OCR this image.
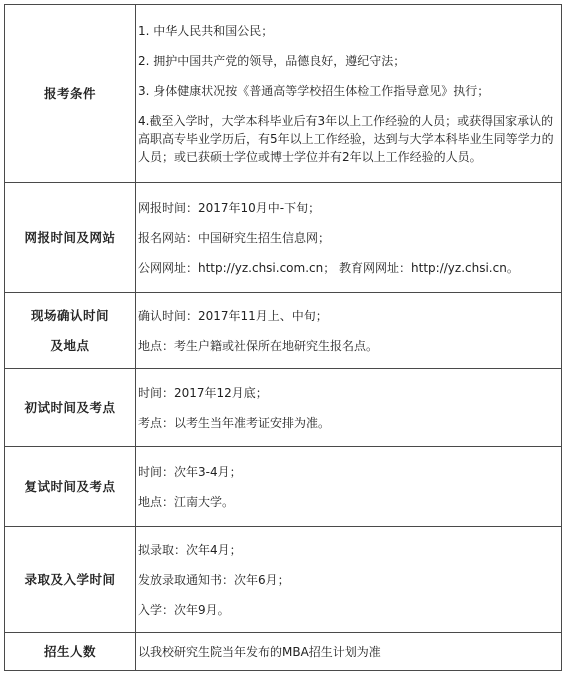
报考条件	1. 中华人民共和国公民；
2. 拥护中国共产党的领导，品德良好，遵纪守法；
3. 身体健康状况按《普通高等学校招生体检工作指导意见》执行；
4.截至入学时，大学本科毕业后有3年以上工作经验的人员；或获得国家承认的高职高专毕业学历后，有5年以上工作经验，达到与大学本科毕业生同等学力的人员；或已获硕士学位或博士学位并有2年以上工作经验的人员。

网报时间及网站	网报时间：2017年10月中-下旬；
报名网站：中国研究生招生信息网；
公网网址：http://yz.chsi.com.cn； 教育网网址：http://yz.chsi.cn。

现场确认时间
及地点	确认时间：2017年11月上、中旬；
地点：考生户籍或社保所在地研究生报名点。

初试时间及考点	时间：2017年12月底；
考点：以考生当年准考证安排为准。

复试时间及考点	时间：次年3-4月；
地点：江南大学。

录取及入学时间	拟录取：次年4月；
发放录取通知书：次年6月；
入学：次年9月。

招生人数	以我校研究生院当年发布的MBA招生计划为准
